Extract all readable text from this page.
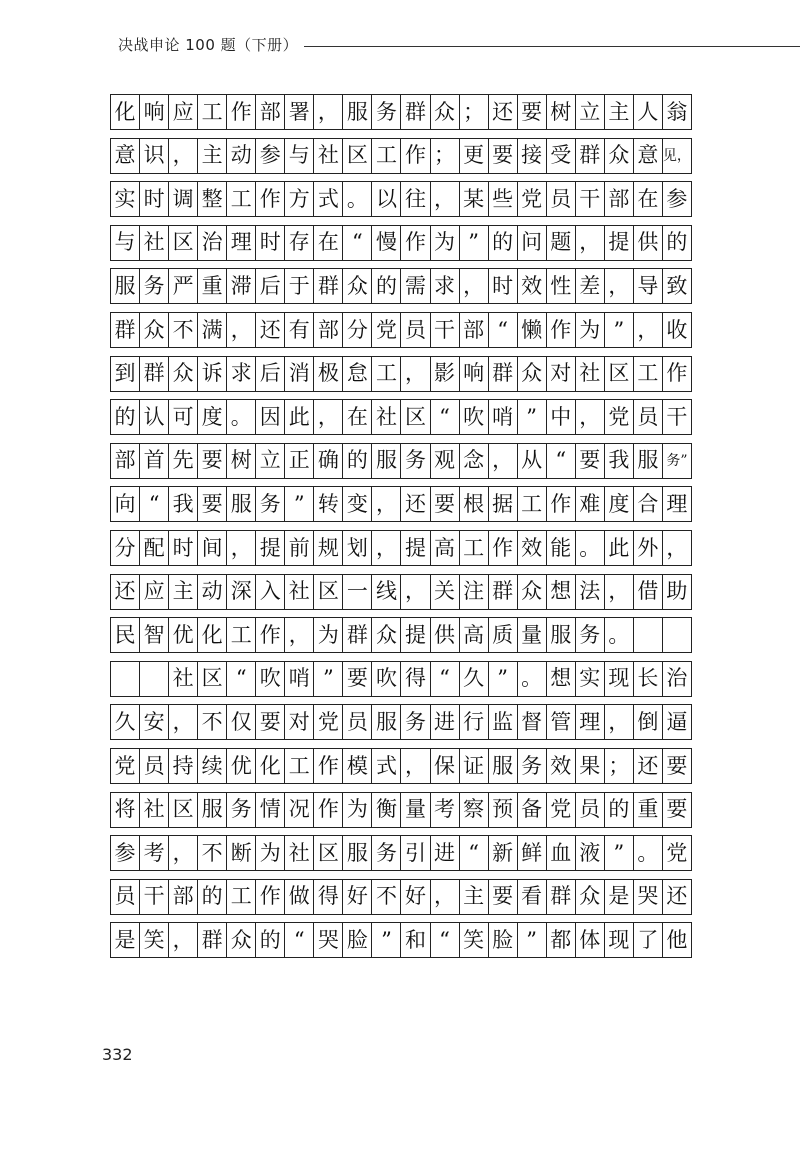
决战申论 100 题（下册）
化 响 应 工 作 部 署 ， 服 务 群 众 ； 还 要 树 立 主 人 翁
意 识 ， 主 动 参 与 社 区 工 作 ； 更 要 接 受 群 众 意 见，
实 时 调 整 工 作 方 式 。 以 往 ， 某 些 党 员 干 部 在 参
与 社 区 治 理 时 存 在 “ 慢 作 为 ” 的 问 题 ， 提 供 的
服 务 严 重 滞 后 于 群 众 的 需 求 ， 时 效 性 差 ， 导 致
群 众 不 满 ， 还 有 部 分 党 员 干 部 “ 懒 作 为 ” ， 收
到 群 众 诉 求 后 消 极 怠 工 ， 影 响 群 众 对 社 区 工 作
的 认 可 度 。 因 此 ， 在 社 区 “ 吹 哨 ” 中 ， 党 员 干
部 首 先 要 树 立 正 确 的 服 务 观 念 ， 从 “ 要 我 服 务”
向 “ 我 要 服 务 ” 转 变 ， 还 要 根 据 工 作 难 度 合 理
分 配 时 间 ， 提 前 规 划 ， 提 高 工 作 效 能 。 此 外 ，
还 应 主 动 深 入 社 区 一 线 ， 关 注 群 众 想 法 ， 借 助
民 智 优 化 工 作 ， 为 群 众 提 供 高 质 量 服 务 。
社 区 “ 吹 哨 ” 要 吹 得 “ 久 ” 。 想 实 现 长 治
久 安 ， 不 仅 要 对 党 员 服 务 进 行 监 督 管 理 ， 倒 逼
党 员 持 续 优 化 工 作 模 式 ， 保 证 服 务 效 果 ； 还 要
将 社 区 服 务 情 况 作 为 衡 量 考 察 预 备 党 员 的 重 要
参 考 ， 不 断 为 社 区 服 务 引 进 “ 新 鲜 血 液 ” 。 党
员 干 部 的 工 作 做 得 好 不 好 ， 主 要 看 群 众 是 哭 还
是 笑 ， 群 众 的 “ 哭 脸 ” 和 “ 笑 脸 ” 都 体 现 了 他
332
